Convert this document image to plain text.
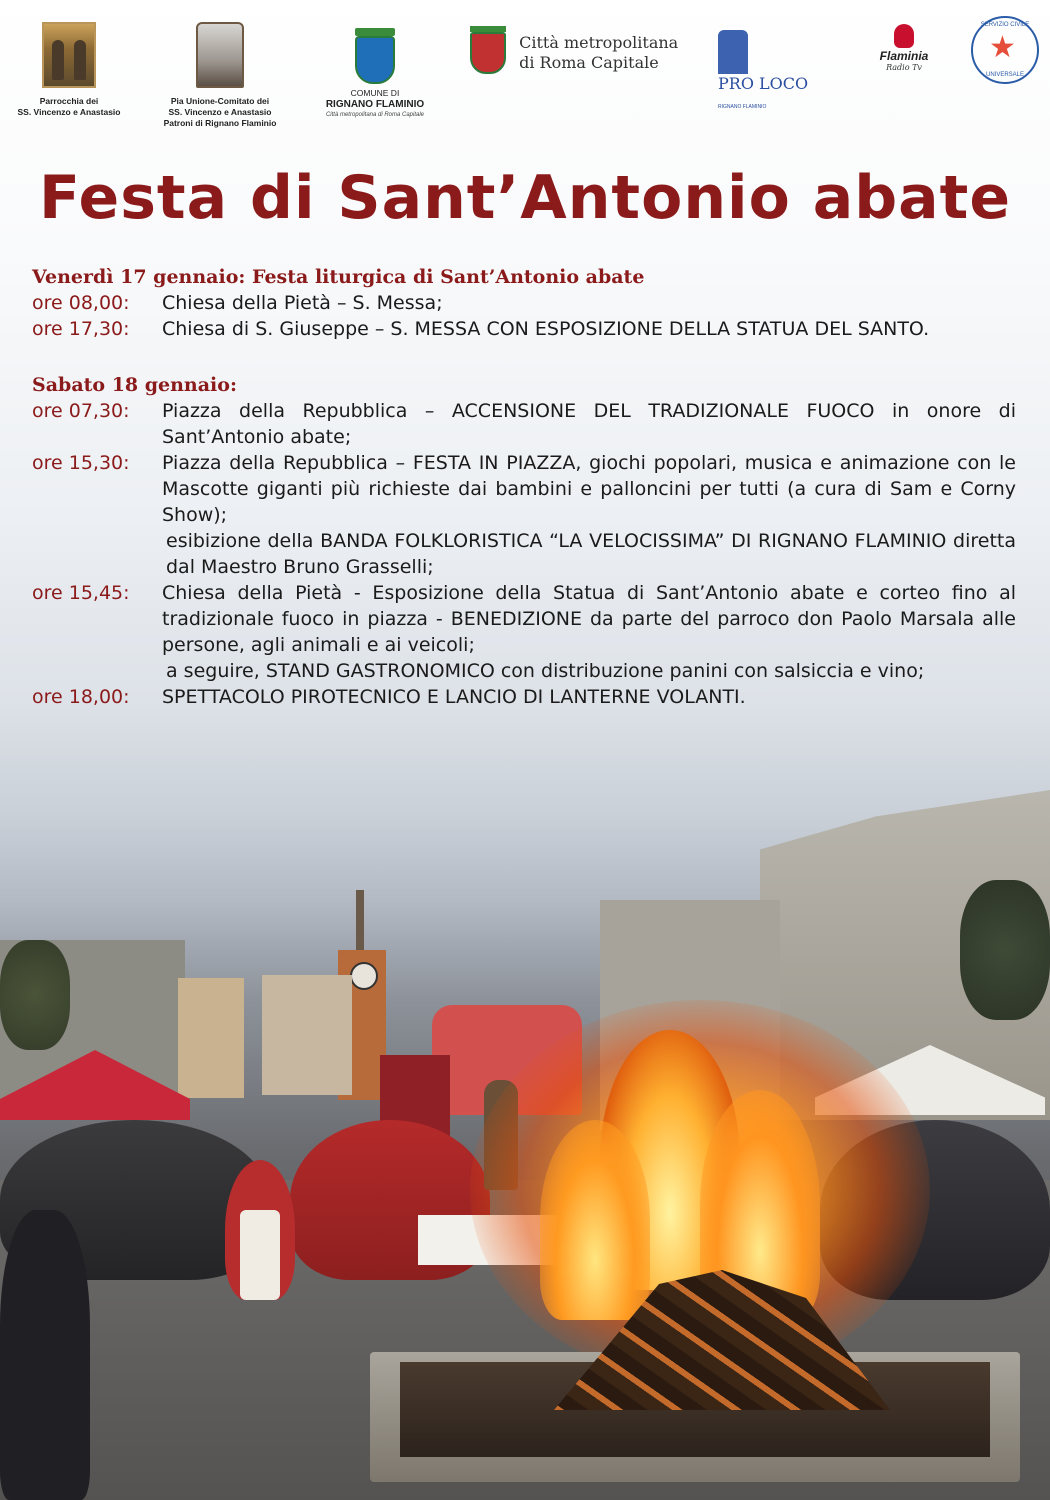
Parrocchia dei
SS. Vincenzo e Anastasio
Pia Unione-Comitato dei
SS. Vincenzo e Anastasio
Patroni di Rignano Flaminio
COMUNE DI
RIGNANO FLAMINIO
Città metropolitana di Roma Capitale
Città metropolitana
di Roma Capitale
PRO LOCO
RIGNANO FLAMINIO
Flaminia
Radio Tv
SERVIZIO CIVILE
★
UNIVERSALE
Festa di Sant’Antonio abate
Venerdì 17 gennaio: Festa liturgica di Sant’Antonio abate
ore 08,00: Chiesa della Pietà – S. Messa;
ore 17,30: Chiesa di S. Giuseppe – S. MESSA CON ESPOSIZIONE DELLA STATUA DEL SANTO.
Sabato 18 gennaio:
ore 07,30: Piazza della Repubblica – ACCENSIONE DEL TRADIZIONALE FUOCO in onore di Sant’Antonio abate;
ore 15,30: Piazza della Repubblica – FESTA IN PIAZZA, giochi popolari, musica e animazione con le Mascotte giganti più richieste dai bambini e palloncini per tutti (a cura di Sam e Corny Show);
esibizione della BANDA FOLKLORISTICA “LA VELOCISSIMA” DI RIGNANO FLAMINIO diretta dal Maestro Bruno Grasselli;
ore 15,45: Chiesa della Pietà - Esposizione della Statua di Sant’Antonio abate e corteo fino al tradizionale fuoco in piazza - BENEDIZIONE da parte del parroco don Paolo Marsala alle persone, agli animali e ai veicoli;
a seguire, STAND GASTRONOMICO con distribuzione panini con salsiccia e vino;
ore 18,00: SPETTACOLO PIROTECNICO E LANCIO DI LANTERNE VOLANTI.
